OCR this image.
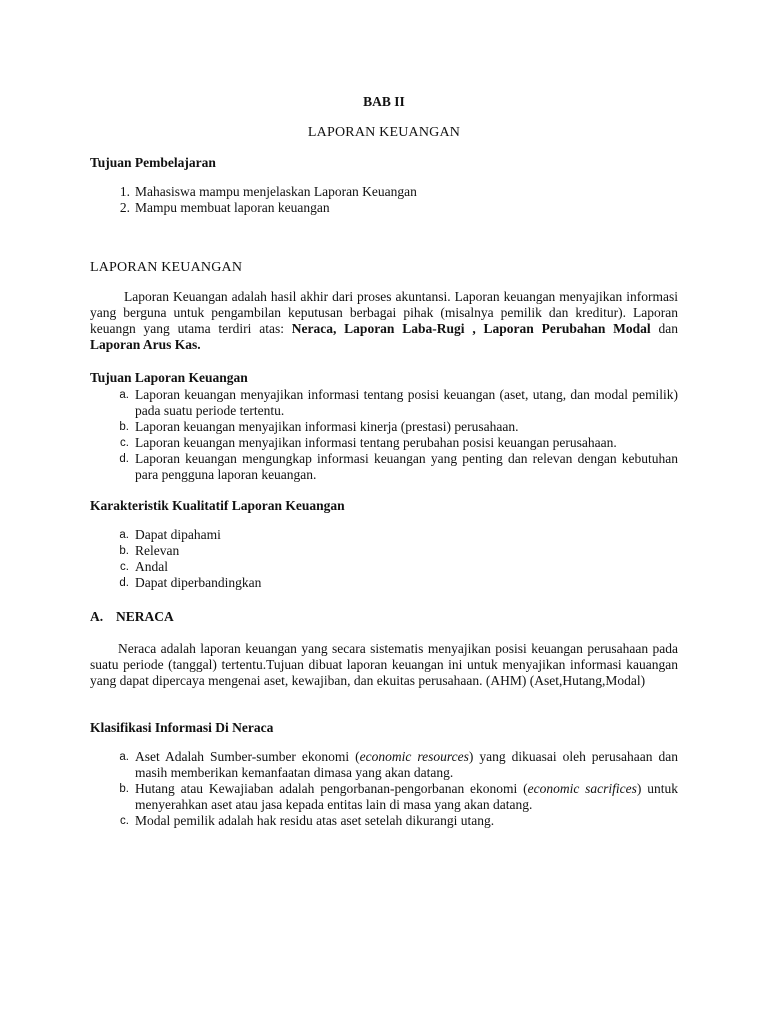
BAB II
LAPORAN KEUANGAN
Tujuan Pembelajaran
1. Mahasiswa mampu menjelaskan Laporan Keuangan
2. Mampu membuat laporan keuangan
LAPORAN KEUANGAN

Laporan Keuangan adalah hasil akhir dari proses akuntansi. Laporan keuangan menyajikan informasi yang berguna untuk pengambilan keputusan berbagai pihak (misalnya pemilik dan kreditur). Laporan keuangn yang utama terdiri atas: Neraca, Laporan Laba-Rugi , Laporan Perubahan Modal dan Laporan Arus Kas.

Tujuan Laporan Keuangan
a. Laporan keuangan menyajikan informasi tentang posisi keuangan (aset, utang, dan modal pemilik) pada suatu periode tertentu.
b. Laporan keuangan menyajikan informasi kinerja (prestasi) perusahaan.
c. Laporan keuangan menyajikan informasi tentang perubahan posisi keuangan perusahaan.
d. Laporan keuangan mengungkap informasi keuangan yang penting dan relevan dengan kebutuhan para pengguna laporan keuangan.
Karakteristik Kualitatif Laporan Keuangan
a. Dapat dipahami
b. Relevan
c. Andal
d. Dapat diperbandingkan
A. NERACA

Neraca adalah laporan keuangan yang secara sistematis menyajikan posisi keuangan perusahaan pada suatu periode (tanggal) tertentu.Tujuan dibuat laporan keuangan ini untuk menyajikan informasi kauangan yang dapat dipercaya mengenai aset, kewajiban, dan ekuitas perusahaan. (AHM) (Aset,Hutang,Modal)

Klasifikasi Informasi Di Neraca
a. Aset Adalah Sumber-sumber ekonomi (economic resources) yang dikuasai oleh perusahaan dan masih memberikan kemanfaatan dimasa yang akan datang.
b. Hutang atau Kewajiaban adalah pengorbanan-pengorbanan ekonomi (economic sacrifices) untuk menyerahkan aset atau jasa kepada entitas lain di masa yang akan datang.
c. Modal pemilik adalah hak residu atas aset setelah dikurangi utang.
